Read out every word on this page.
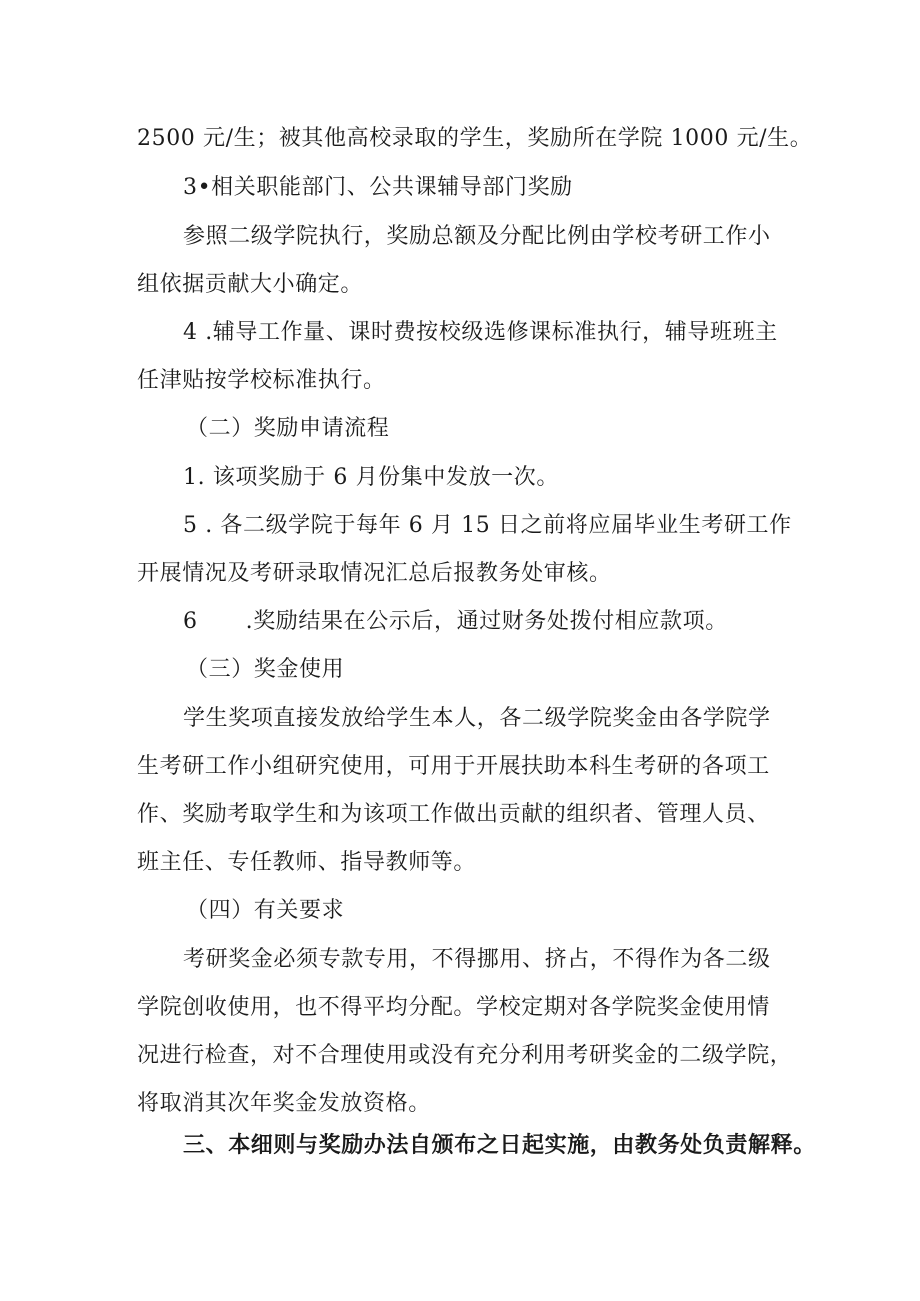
2500 元/生；被其他高校录取的学生，奖励所在学院 1000 元/生。
3•相关职能部门、公共课辅导部门奖励
参照二级学院执行，奖励总额及分配比例由学校考研工作小
组依据贡献大小确定。
4 .辅导工作量、课时费按校级选修课标准执行，辅导班班主
任津贴按学校标准执行。
（二）奖励申请流程
1. 该项奖励于 6 月份集中发放一次。
5 . 各二级学院于每年 6 月 15 日之前将应届毕业生考研工作
开展情况及考研录取情况汇总后报教务处审核。
6 .奖励结果在公示后，通过财务处拨付相应款项。
（三）奖金使用
学生奖项直接发放给学生本人，各二级学院奖金由各学院学
生考研工作小组研究使用，可用于开展扶助本科生考研的各项工
作、奖励考取学生和为该项工作做出贡献的组织者、管理人员、
班主任、专任教师、指导教师等。
（四）有关要求
考研奖金必须专款专用，不得挪用、挤占，不得作为各二级
学院创收使用，也不得平均分配。学校定期对各学院奖金使用情
况进行检查，对不合理使用或没有充分利用考研奖金的二级学院，
将取消其次年奖金发放资格。
三、本细则与奖励办法自颁布之日起实施，由教务处负责解释。
